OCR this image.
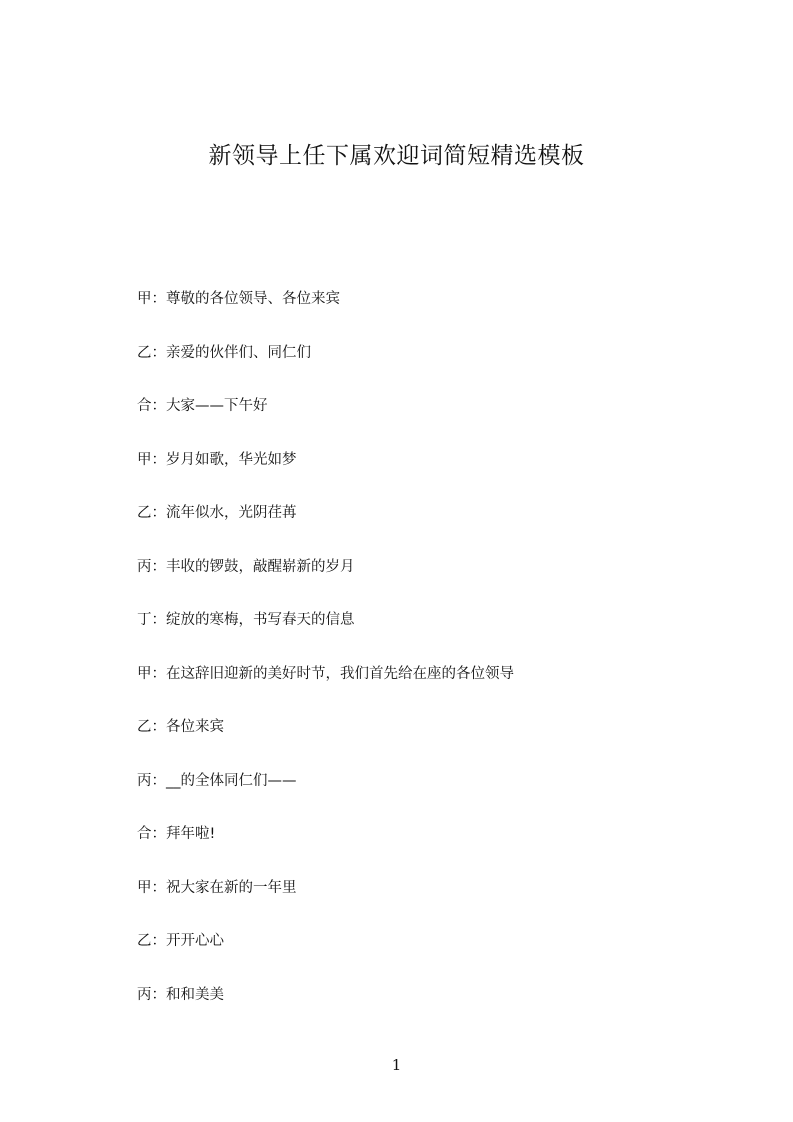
新领导上任下属欢迎词简短精选模板
甲：尊敬的各位领导、各位来宾
乙：亲爱的伙伴们、同仁们
合：大家——下午好
甲：岁月如歌，华光如梦
乙：流年似水，光阴荏苒
丙：丰收的锣鼓，敲醒崭新的岁月
丁：绽放的寒梅，书写春天的信息
甲：在这辞旧迎新的美好时节，我们首先给在座的各位领导
乙：各位来宾
丙：__的全体同仁们——
合：拜年啦!
甲：祝大家在新的一年里
乙：开开心心
丙：和和美美
1
